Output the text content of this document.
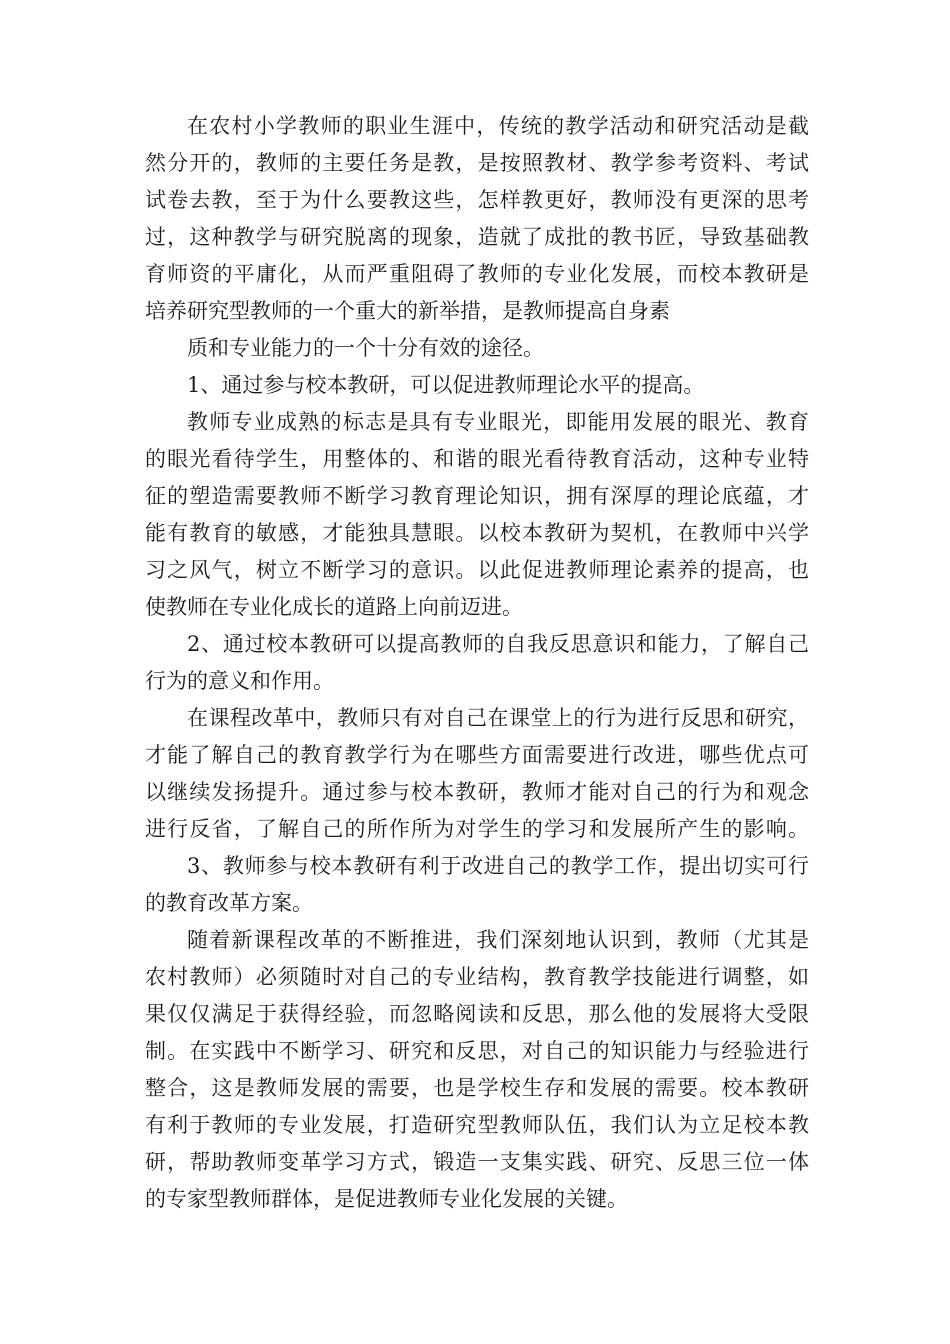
在农村小学教师的职业生涯中，传统的教学活动和研究活动是截
然分开的，教师的主要任务是教，是按照教材、教学参考资料、考试
试卷去教，至于为什么要教这些，怎样教更好，教师没有更深的思考
过，这种教学与研究脱离的现象，造就了成批的教书匠，导致基础教
育师资的平庸化，从而严重阻碍了教师的专业化发展，而校本教研是
培养研究型教师的一个重大的新举措，是教师提高自身素
质和专业能力的一个十分有效的途径。
1、通过参与校本教研，可以促进教师理论水平的提高。
教师专业成熟的标志是具有专业眼光，即能用发展的眼光、教育
的眼光看待学生，用整体的、和谐的眼光看待教育活动，这种专业特
征的塑造需要教师不断学习教育理论知识，拥有深厚的理论底蕴，才
能有教育的敏感，才能独具慧眼。以校本教研为契机，在教师中兴学
习之风气，树立不断学习的意识。以此促进教师理论素养的提高，也
使教师在专业化成长的道路上向前迈进。
2、通过校本教研可以提高教师的自我反思意识和能力，了解自己
行为的意义和作用。
在课程改革中，教师只有对自己在课堂上的行为进行反思和研究，
才能了解自己的教育教学行为在哪些方面需要进行改进，哪些优点可
以继续发扬提升。通过参与校本教研，教师才能对自己的行为和观念
进行反省，了解自己的所作所为对学生的学习和发展所产生的影响。
3、教师参与校本教研有利于改进自己的教学工作，提出切实可行
的教育改革方案。
随着新课程改革的不断推进，我们深刻地认识到，教师（尤其是
农村教师）必须随时对自己的专业结构，教育教学技能进行调整，如
果仅仅满足于获得经验，而忽略阅读和反思，那么他的发展将大受限
制。在实践中不断学习、研究和反思，对自己的知识能力与经验进行
整合，这是教师发展的需要，也是学校生存和发展的需要。校本教研
有利于教师的专业发展，打造研究型教师队伍，我们认为立足校本教
研，帮助教师变革学习方式，锻造一支集实践、研究、反思三位一体
的专家型教师群体，是促进教师专业化发展的关键。
